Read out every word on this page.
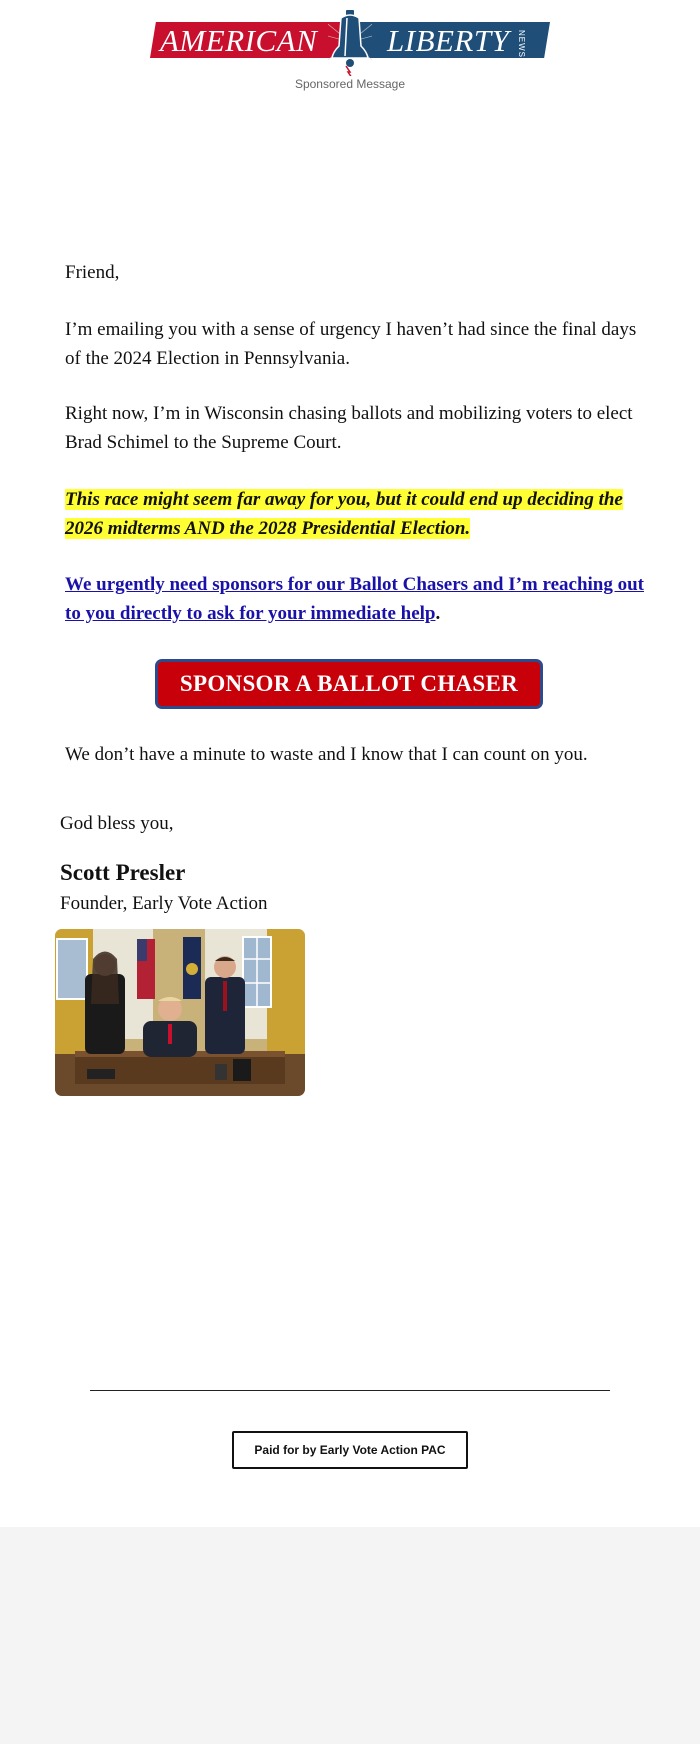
AMERICAN LIBERTY NEWS
Sponsored Message

Friend,

I’m emailing you with a sense of urgency I haven’t had since the final days of the 2024 Election in Pennsylvania.

Right now, I’m in Wisconsin chasing ballots and mobilizing voters to elect Brad Schimel to the Supreme Court.

This race might seem far away for you, but it could end up deciding the 2026 midterms AND the 2028 Presidential Election.

We urgently need sponsors for our Ballot Chasers and I’m reaching out to you directly to ask for your immediate help.

SPONSOR A BALLOT CHASER

We don’t have a minute to waste and I know that I can count on you.

God bless you,

Scott Presler
Founder, Early Vote Action
Paid for by Early Vote Action PAC
